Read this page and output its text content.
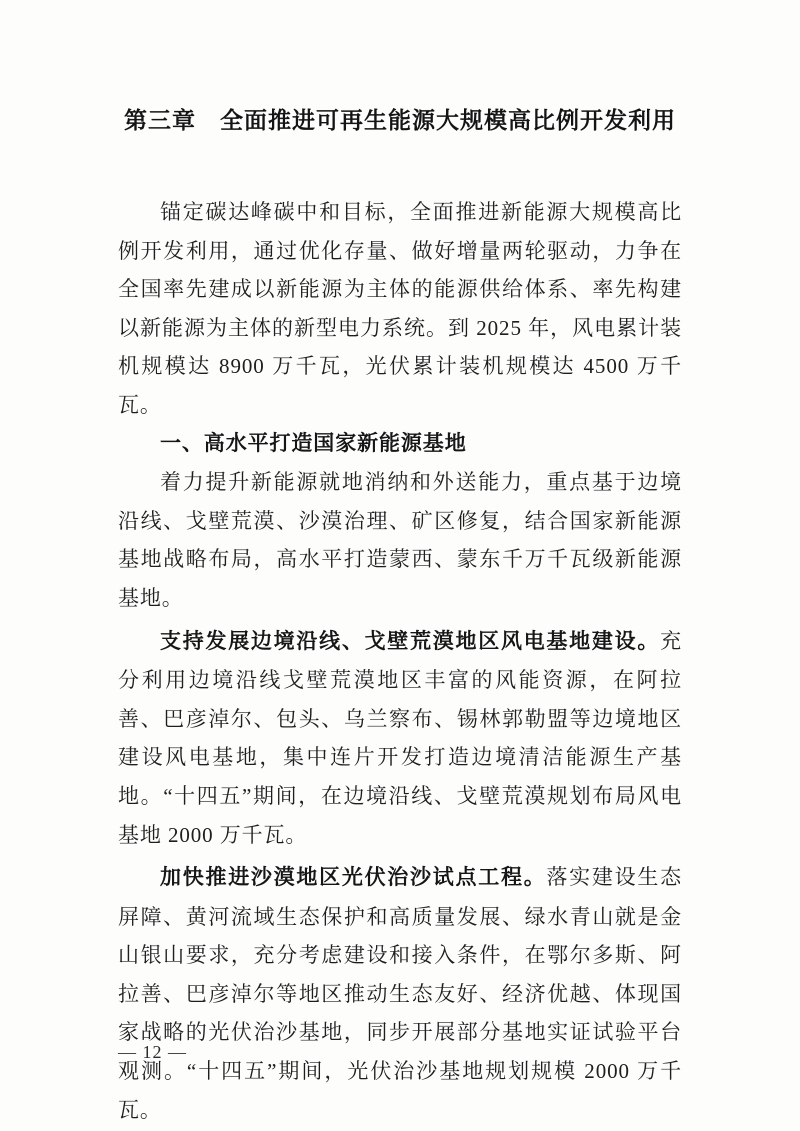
第三章　全面推进可再生能源大规模高比例开发利用

锚定碳达峰碳中和目标，全面推进新能源大规模高比例开发利用，通过优化存量、做好增量两轮驱动，力争在全国率先建成以新能源为主体的能源供给体系、率先构建以新能源为主体的新型电力系统。到 2025 年，风电累计装机规模达 8900 万千瓦，光伏累计装机规模达 4500 万千瓦。

一、高水平打造国家新能源基地

着力提升新能源就地消纳和外送能力，重点基于边境沿线、戈壁荒漠、沙漠治理、矿区修复，结合国家新能源基地战略布局，高水平打造蒙西、蒙东千万千瓦级新能源基地。

支持发展边境沿线、戈壁荒漠地区风电基地建设。充分利用边境沿线戈壁荒漠地区丰富的风能资源，在阿拉善、巴彦淖尔、包头、乌兰察布、锡林郭勒盟等边境地区建设风电基地，集中连片开发打造边境清洁能源生产基地。“十四五”期间，在边境沿线、戈壁荒漠规划布局风电基地 2000 万千瓦。

加快推进沙漠地区光伏治沙试点工程。落实建设生态屏障、黄河流域生态保护和高质量发展、绿水青山就是金山银山要求，充分考虑建设和接入条件，在鄂尔多斯、阿拉善、巴彦淖尔等地区推动生态友好、经济优越、体现国家战略的光伏治沙基地，同步开展部分基地实证试验平台观测。“十四五”期间，光伏治沙基地规划规模 2000 万千瓦。

— 12 —
